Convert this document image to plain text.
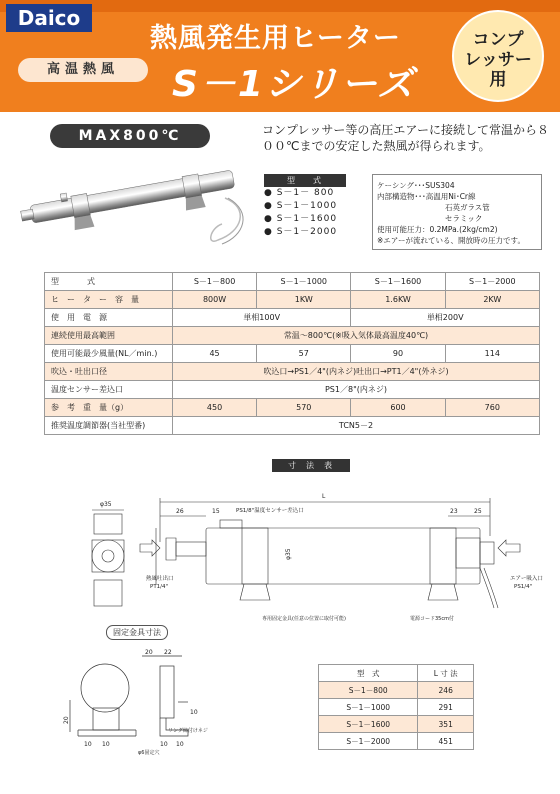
Daico
熱風発生用ヒーター
高温熱風	S－1シリーズ
コンプ
レッサー
用
MAX800℃	コンプレッサー等の高圧エアーに接続して常温から８００℃までの安定した熱風が得られます。
型式
● S－1－ 800
● S－1－1000
● S－1－1600
● S－1－2000
ケーシング･･･SUS304
内部構造物･･･高温用Ni･Cr線
石英ガラス管
セラミック
使用可能圧力：0.2MPa.(2kg/cm2)
※エアーが流れている、開放時の圧力です。
型　　　式	S－1－800	S－1－1000	S－1－1600	S－1－2000
ヒ　ー　タ　ー　容　量	800W	1KW	1.6KW	2KW
使　用　電　源	単相100V		単相200V	
連続使用最高範囲	常温～800℃(※吸入気体最高温度40℃)			
使用可能最少風量(NL／min.)	45	57	90	114
吹込・吐出口径	吹込口→PS1／4"(内ネジ)吐出口→PT1／4"(外ネジ)			
温度センサー差込口	PS1／8"(内ネジ)			
参　考　重　量（g）	450	570	600	760
推奨温度調節器(当社型番)	TCN5－2			
寸法表
φ35
L
26	15	23	25
PS1/8"温度センサー差込口
φ35
熱風吐出口
PT1/4"
エアー吸入口
PS1/4"
専用固定金具(任意の位置に取付可能)	電源コード35cm付
固定金具寸法
20 22
20
10
10 10	10 10
リング締付けネジ
φ6固定穴
型　式	L 寸 法
S－1－800	246
S－1－1000	291
S－1－1600	351
S－1－2000	451
